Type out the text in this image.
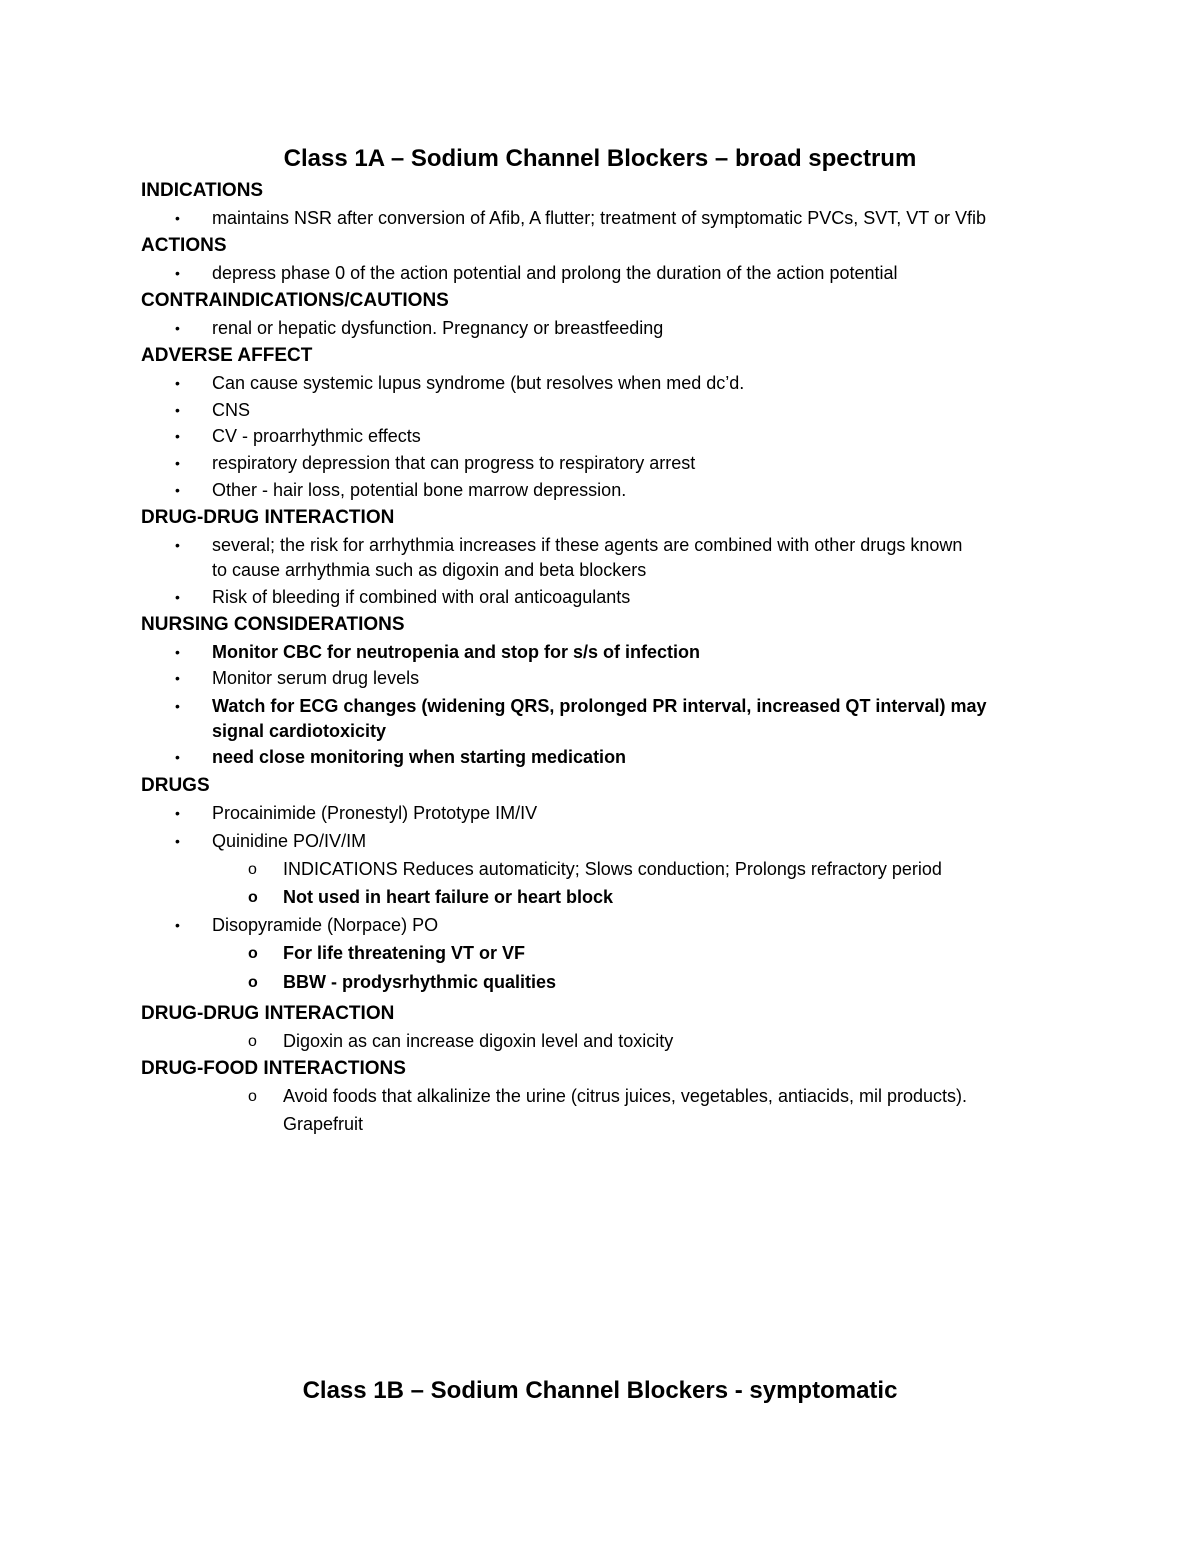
Class 1A – Sodium Channel Blockers – broad spectrum
INDICATIONS
• maintains NSR after conversion of Afib, A flutter; treatment of symptomatic PVCs, SVT, VT or Vfib
ACTIONS
• depress phase 0 of the action potential and prolong the duration of the action potential
CONTRAINDICATIONS/CAUTIONS
• renal or hepatic dysfunction. Pregnancy or breastfeeding
ADVERSE AFFECT
• Can cause systemic lupus syndrome (but resolves when med dc’d.
• CNS
• CV - proarrhythmic effects
• respiratory depression that can progress to respiratory arrest
• Other - hair loss, potential bone marrow depression.
DRUG-DRUG INTERACTION
• several; the risk for arrhythmia increases if these agents are combined with other drugs known
to cause arrhythmia such as digoxin and beta blockers
• Risk of bleeding if combined with oral anticoagulants
NURSING CONSIDERATIONS
• Monitor CBC for neutropenia and stop for s/s of infection
• Monitor serum drug levels
• Watch for ECG changes (widening QRS, prolonged PR interval, increased QT interval) may
signal cardiotoxicity
• need close monitoring when starting medication
DRUGS
• Procainimide (Pronestyl) Prototype IM/IV
• Quinidine PO/IV/IM
o INDICATIONS Reduces automaticity; Slows conduction; Prolongs refractory period
o Not used in heart failure or heart block
• Disopyramide (Norpace) PO
o For life threatening VT or VF
o BBW - prodysrhythmic qualities
DRUG-DRUG INTERACTION
o Digoxin as can increase digoxin level and toxicity
DRUG-FOOD INTERACTIONS
o Avoid foods that alkalinize the urine (citrus juices, vegetables, antiacids, mil products).
Grapefruit
Class 1B – Sodium Channel Blockers - symptomatic
